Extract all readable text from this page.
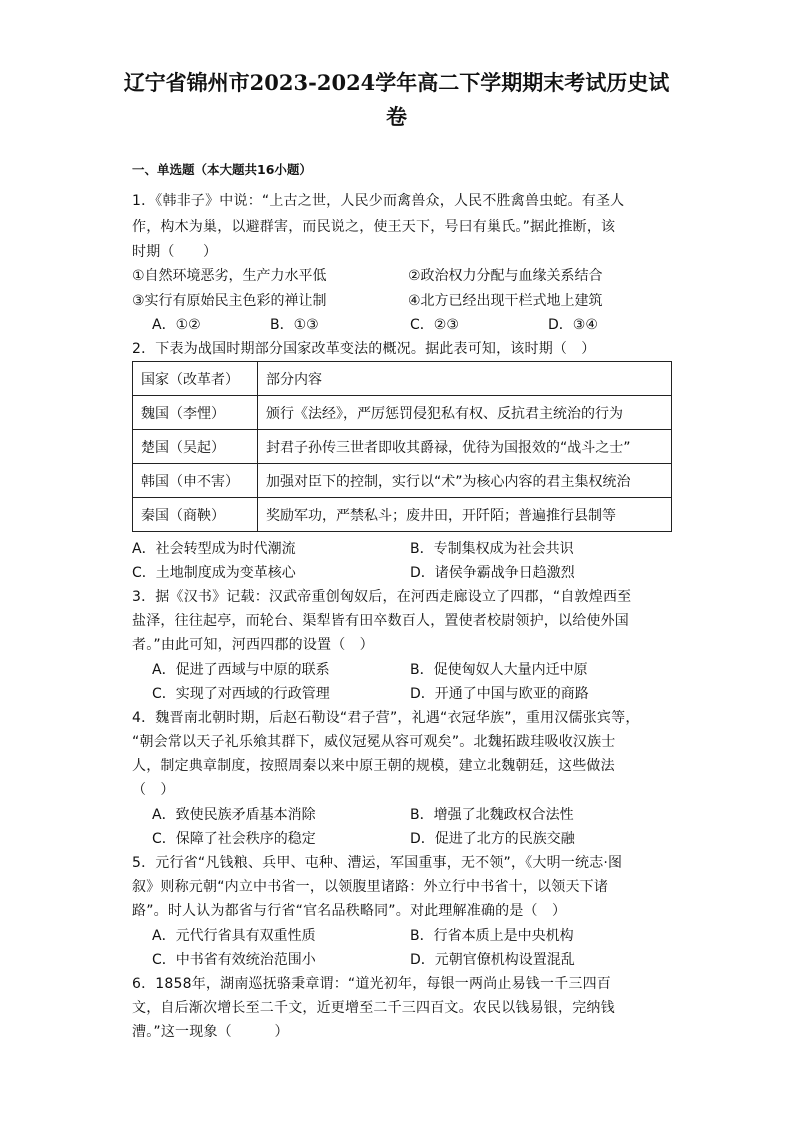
辽宁省锦州市2023-2024学年高二下学期期末考试历史试
卷
一、单选题（本大题共16小题）
1．《韩非子》中说：“上古之世，人民少而禽兽众，人民不胜禽兽虫蛇。有圣人
作，构木为巢，以避群害，而民说之，使王天下，号曰有巢氏。”据此推断，该
时期（　　）
①自然环境恶劣，生产力水平低	②政治权力分配与血缘关系结合
③实行有原始民主色彩的禅让制	④北方已经出现干栏式地上建筑
A．①②	B．①③	C．②③	D．③④
2．下表为战国时期部分国家改革变法的概况。据此表可知，该时期（　）
国家（改革者）	部分内容
魏国（李悝）	颁行《法经》，严厉惩罚侵犯私有权、反抗君主统治的行为
楚国（吴起）	封君子孙传三世者即收其爵禄，优待为国报效的“战斗之士”
韩国（申不害）	加强对臣下的控制，实行以“术”为核心内容的君主集权统治
秦国（商鞅）	奖励军功，严禁私斗；废井田，开阡陌；普遍推行县制等
A．社会转型成为时代潮流	B．专制集权成为社会共识
C．土地制度成为变革核心	D．诸侯争霸战争日趋激烈
3．据《汉书》记载：汉武帝重创匈奴后，在河西走廊设立了四郡，“自敦煌西至
盐泽，往往起亭，而轮台、渠犁皆有田卒数百人，置使者校尉领护，以给使外国
者。”由此可知，河西四郡的设置（　）
A．促进了西域与中原的联系	B．促使匈奴人大量内迁中原
C．实现了对西域的行政管理	D．开通了中国与欧亚的商路
4．魏晋南北朝时期，后赵石勒设“君子营”，礼遇“衣冠华族”，重用汉儒张宾等，
“朝会常以天子礼乐飨其群下，威仪冠冕从容可观矣”。北魏拓跋珪吸收汉族士
人，制定典章制度，按照周秦以来中原王朝的规模，建立北魏朝廷，这些做法
（　）
A．致使民族矛盾基本消除	B．增强了北魏政权合法性
C．保障了社会秩序的稳定	D．促进了北方的民族交融
5．元行省“凡钱粮、兵甲、屯种、漕运，军国重事，无不领”，《大明一统志·图
叙》则称元朝“内立中书省一，以领腹里诸路：外立行中书省十，以领天下诸
路”。时人认为都省与行省“官名品秩略同”。对此理解准确的是（　）
A．元代行省具有双重性质	B．行省本质上是中央机构
C．中书省有效统治范围小	D．元朝官僚机构设置混乱
6．1858年，湖南巡抚骆秉章谓：“道光初年，每银一两尚止易钱一千三四百
文，自后渐次增长至二千文，近更增至二千三四百文。农民以钱易银，完纳钱
漕。”这一现象（　　　）
